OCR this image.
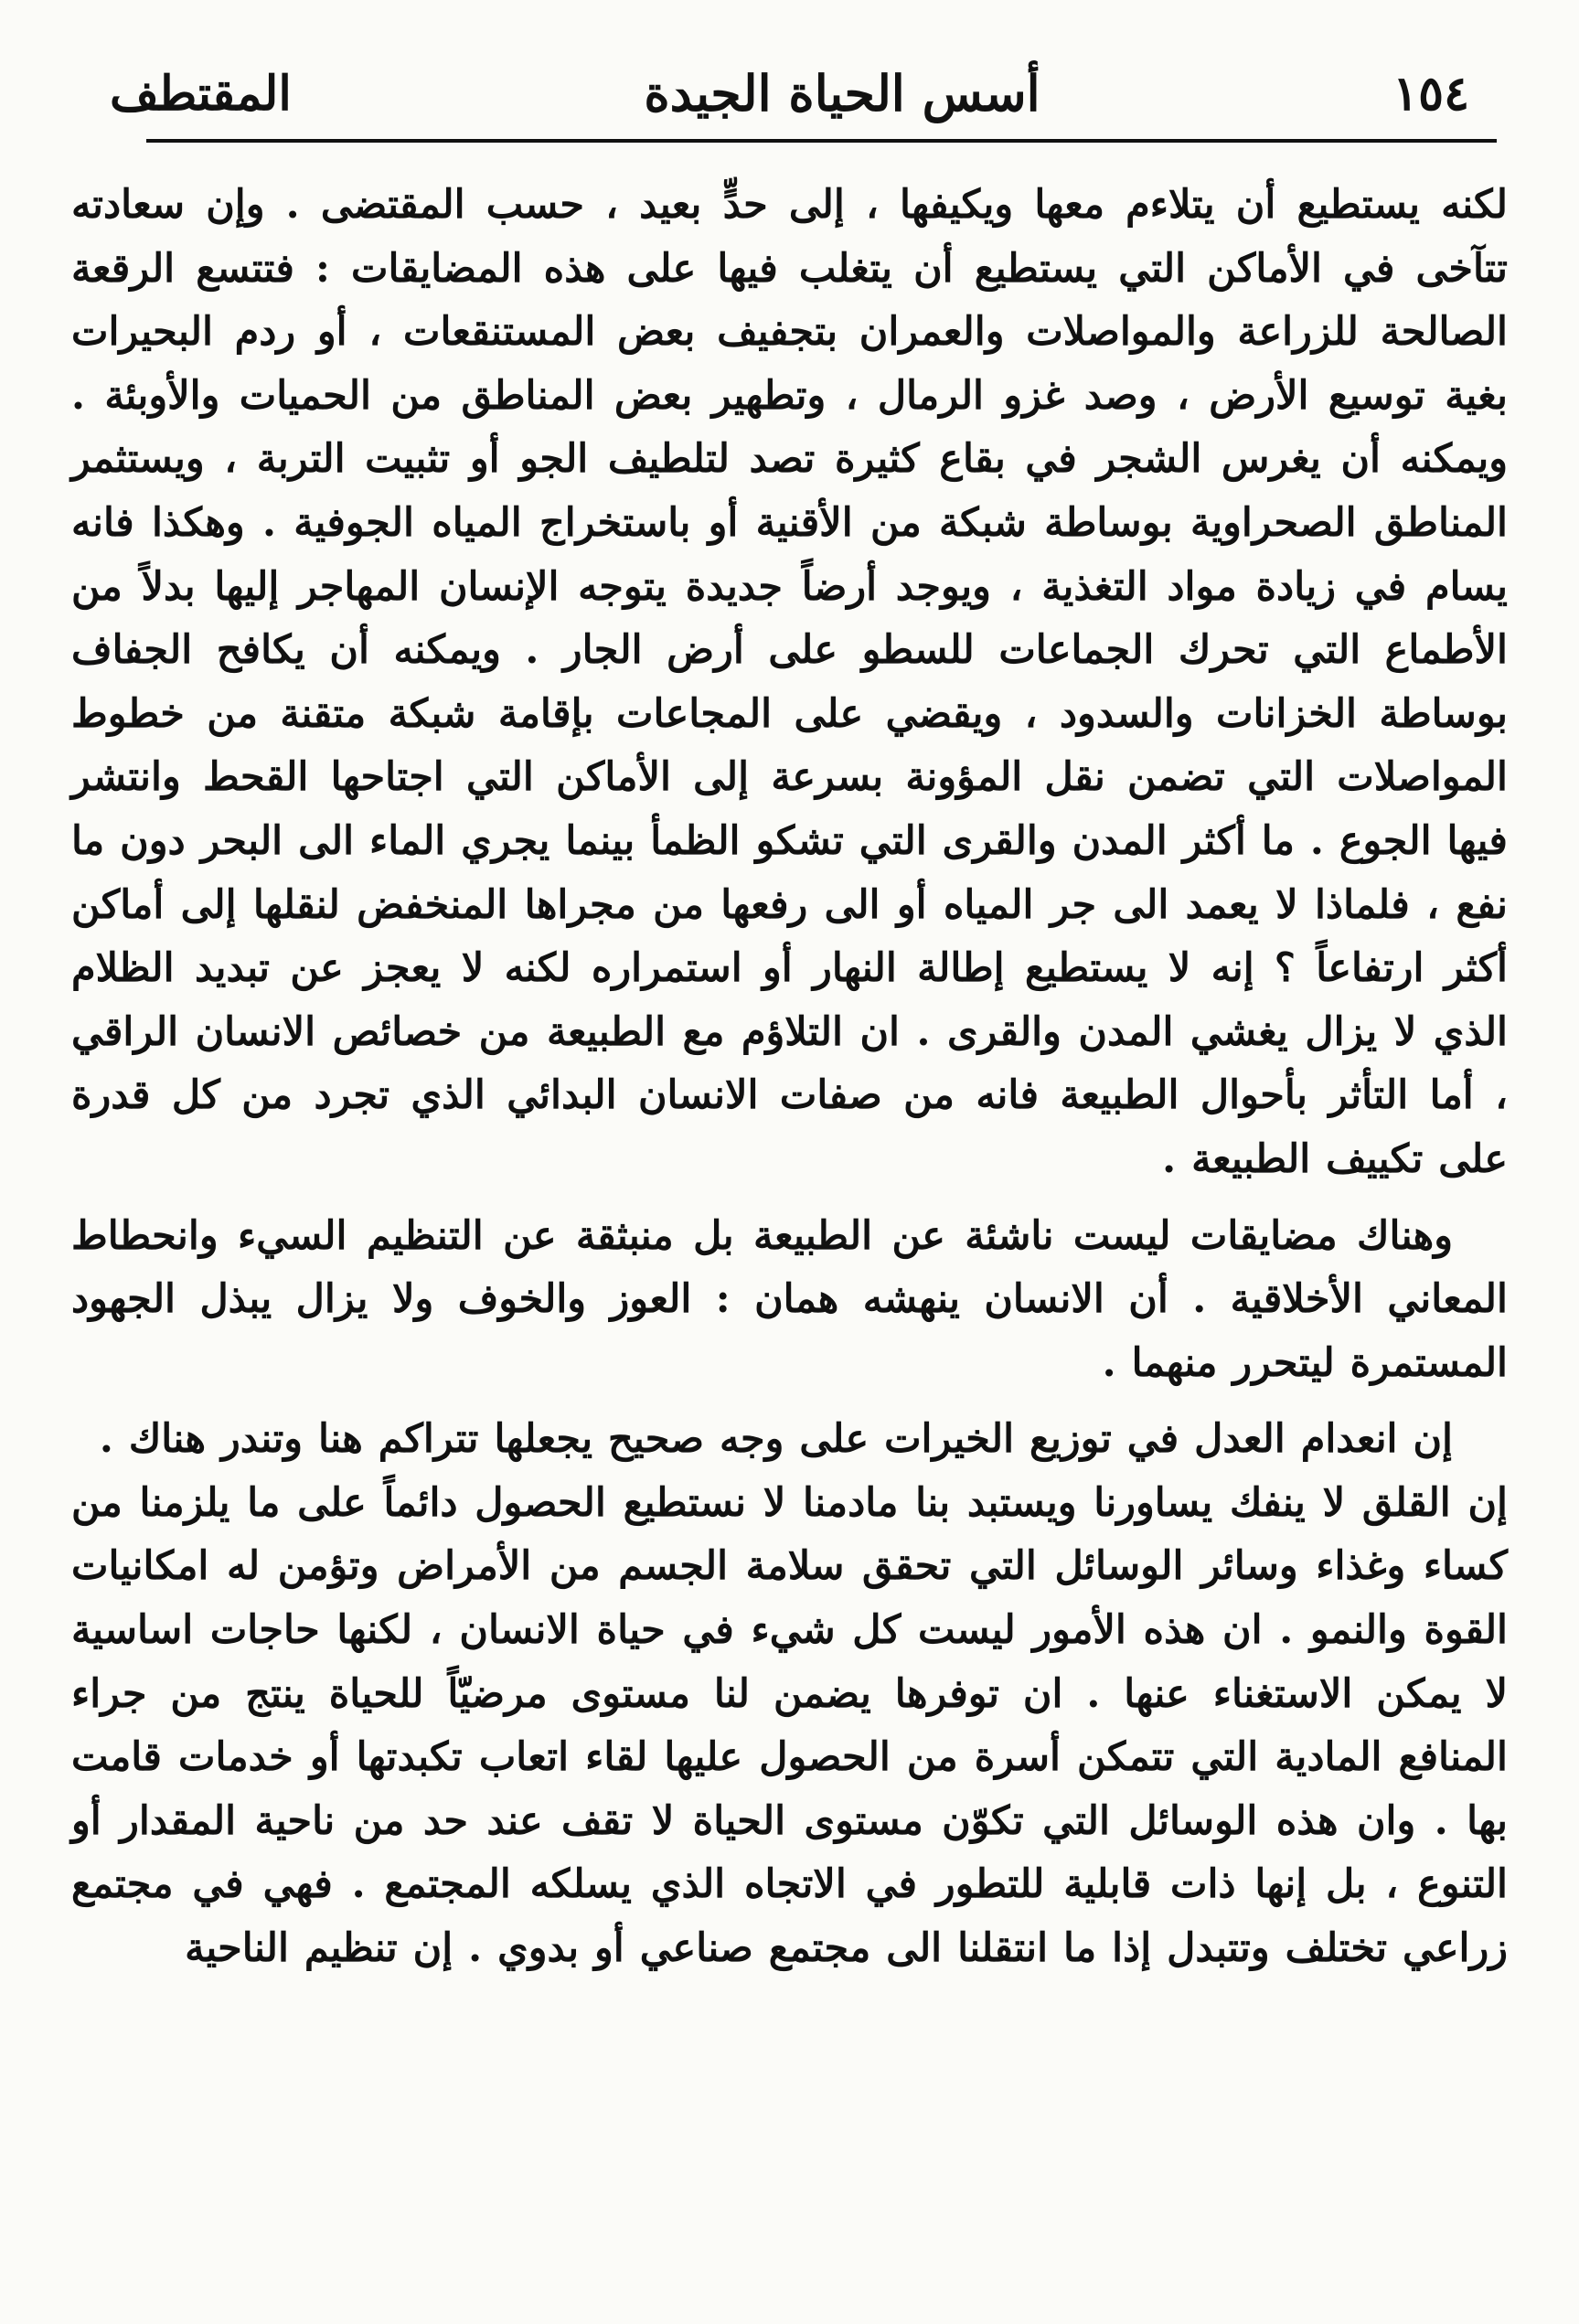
١٥٤
أسس الحياة الجيدة
المقتطف

لكنه يستطيع أن يتلاءم معها ويكيفها ، إلى حدٍّ بعيد ، حسب المقتضى . وإن سعادته تتآخى في الأماكن التي يستطيع أن يتغلب فيها على هذه المضايقات : فتتسع الرقعة الصالحة للزراعة والمواصلات والعمران بتجفيف بعض المستنقعات ، أو ردم البحيرات بغية توسيع الأرض ، وصد غزو الرمال ، وتطهير بعض المناطق من الحميات والأوبئة . ويمكنه أن يغرس الشجر في بقاع كثيرة تصد لتلطيف الجو أو تثبيت التربة ، ويستثمر المناطق الصحراوية بوساطة شبكة من الأقنية أو باستخراج المياه الجوفية . وهكذا فانه يسام في زيادة مواد التغذية ، ويوجد أرضاً جديدة يتوجه الإنسان المهاجر إليها بدلاً من الأطماع التي تحرك الجماعات للسطو على أرض الجار . ويمكنه أن يكافح الجفاف بوساطة الخزانات والسدود ، ويقضي على المجاعات بإقامة شبكة متقنة من خطوط المواصلات التي تضمن نقل المؤونة بسرعة إلى الأماكن التي اجتاحها القحط وانتشر فيها الجوع . ما أكثر المدن والقرى التي تشكو الظمأ بينما يجري الماء الى البحر دون ما نفع ، فلماذا لا يعمد الى جر المياه أو الى رفعها من مجراها المنخفض لنقلها إلى أماكن أكثر ارتفاعاً ؟ إنه لا يستطيع إطالة النهار أو استمراره لكنه لا يعجز عن تبديد الظلام الذي لا يزال يغشي المدن والقرى . ان التلاؤم مع الطبيعة من خصائص الانسان الراقي ، أما التأثر بأحوال الطبيعة فانه من صفات الانسان البدائي الذي تجرد من كل قدرة على تكييف الطبيعة .

وهناك مضايقات ليست ناشئة عن الطبيعة بل منبثقة عن التنظيم السيء وانحطاط المعاني الأخلاقية . أن الانسان ينهشه همان : العوز والخوف ولا يزال يبذل الجهود المستمرة ليتحرر منهما .

إن انعدام العدل في توزيع الخيرات على وجه صحيح يجعلها تتراكم هنا وتندر هناك .

إن القلق لا ينفك يساورنا ويستبد بنا مادمنا لا نستطيع الحصول دائماً على ما يلزمنا من كساء وغذاء وسائر الوسائل التي تحقق سلامة الجسم من الأمراض وتؤمن له امكانيات القوة والنمو . ان هذه الأمور ليست كل شيء في حياة الانسان ، لكنها حاجات اساسية لا يمكن الاستغناء عنها . ان توفرها يضمن لنا مستوى مرضيّاً للحياة ينتج من جراء المنافع المادية التي تتمكن أسرة من الحصول عليها لقاء اتعاب تكبدتها أو خدمات قامت بها . وان هذه الوسائل التي تكوّن مستوى الحياة لا تقف عند حد من ناحية المقدار أو التنوع ، بل إنها ذات قابلية للتطور في الاتجاه الذي يسلكه المجتمع . فهي في مجتمع زراعي تختلف وتتبدل إذا ما انتقلنا الى مجتمع صناعي أو بدوي . إن تنظيم الناحية
